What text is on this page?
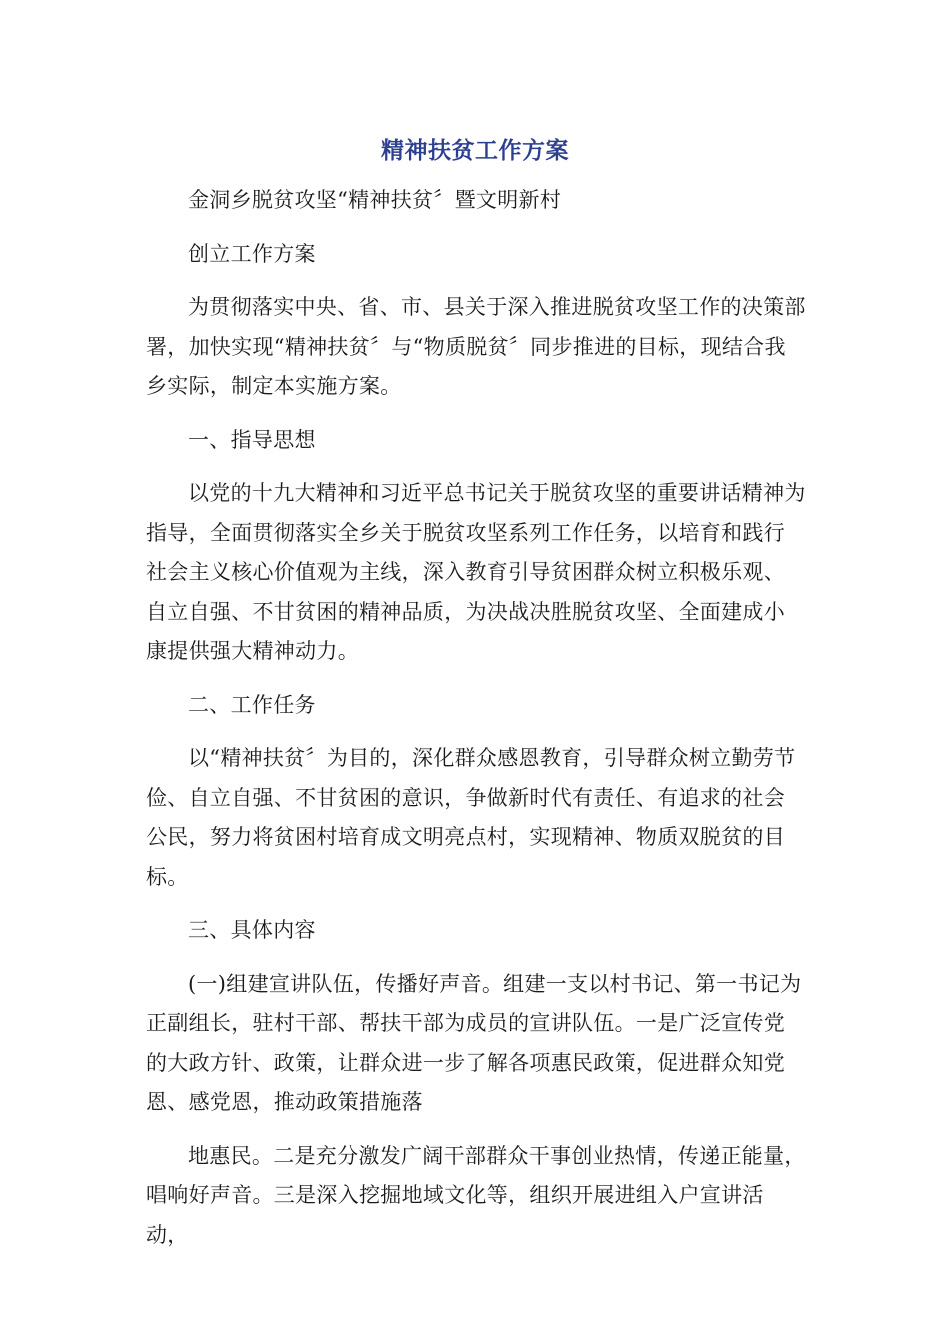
精神扶贫工作方案

金洞乡脱贫攻坚“精神扶贫〞暨文明新村

创立工作方案

为贯彻落实中央、省、市、县关于深入推进脱贫攻坚工作的决策部署，加快实现“精神扶贫〞与“物质脱贫〞同步推进的目标，现结合我乡实际，制定本实施方案。

一、指导思想

以党的十九大精神和习近平总书记关于脱贫攻坚的重要讲话精神为指导，全面贯彻落实全乡关于脱贫攻坚系列工作任务，以培育和践行社会主义核心价值观为主线，深入教育引导贫困群众树立积极乐观、自立自强、不甘贫困的精神品质，为决战决胜脱贫攻坚、全面建成小康提供强大精神动力。

二、工作任务

以“精神扶贫〞为目的，深化群众感恩教育，引导群众树立勤劳节俭、自立自强、不甘贫困的意识，争做新时代有责任、有追求的社会公民，努力将贫困村培育成文明亮点村，实现精神、物质双脱贫的目标。

三、具体内容

(一)组建宣讲队伍，传播好声音。组建一支以村书记、第一书记为正副组长，驻村干部、帮扶干部为成员的宣讲队伍。一是广泛宣传党的大政方针、政策，让群众进一步了解各项惠民政策，促进群众知党恩、感党恩，推动政策措施落

地惠民。二是充分激发广阔干部群众干事创业热情，传递正能量，唱响好声音。三是深入挖掘地域文化等，组织开展进组入户宣讲活动，
